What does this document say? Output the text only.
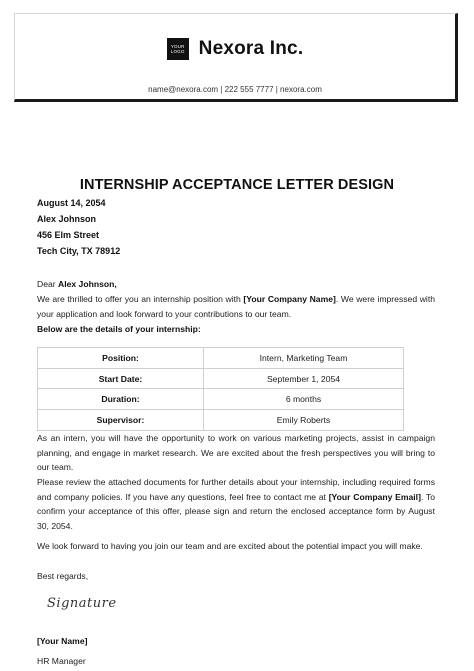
YOUR LOGO Nexora Inc.
name@nexora.com | 222 555 7777 | nexora.com
INTERNSHIP ACCEPTANCE LETTER DESIGN
August 14, 2054
Alex Johnson
456 Elm Street
Tech City, TX 78912
Dear Alex Johnson,
We are thrilled to offer you an internship position with [Your Company Name]. We were impressed with your application and look forward to your contributions to our team.
Below are the details of your internship:
Position:	Intern, Marketing Team
Start Date:	September 1, 2054
Duration:	6 months
Supervisor:	Emily Roberts
As an intern, you will have the opportunity to work on various marketing projects, assist in campaign planning, and engage in market research. We are excited about the fresh perspectives you will bring to our team.
Please review the attached documents for further details about your internship, including required forms and company policies. If you have any questions, feel free to contact me at [Your Company Email]. To confirm your acceptance of this offer, please sign and return the enclosed acceptance form by August 30, 2054.
We look forward to having you join our team and are excited about the potential impact you will make.
Best regards,
Signature
[Your Name]
HR Manager
